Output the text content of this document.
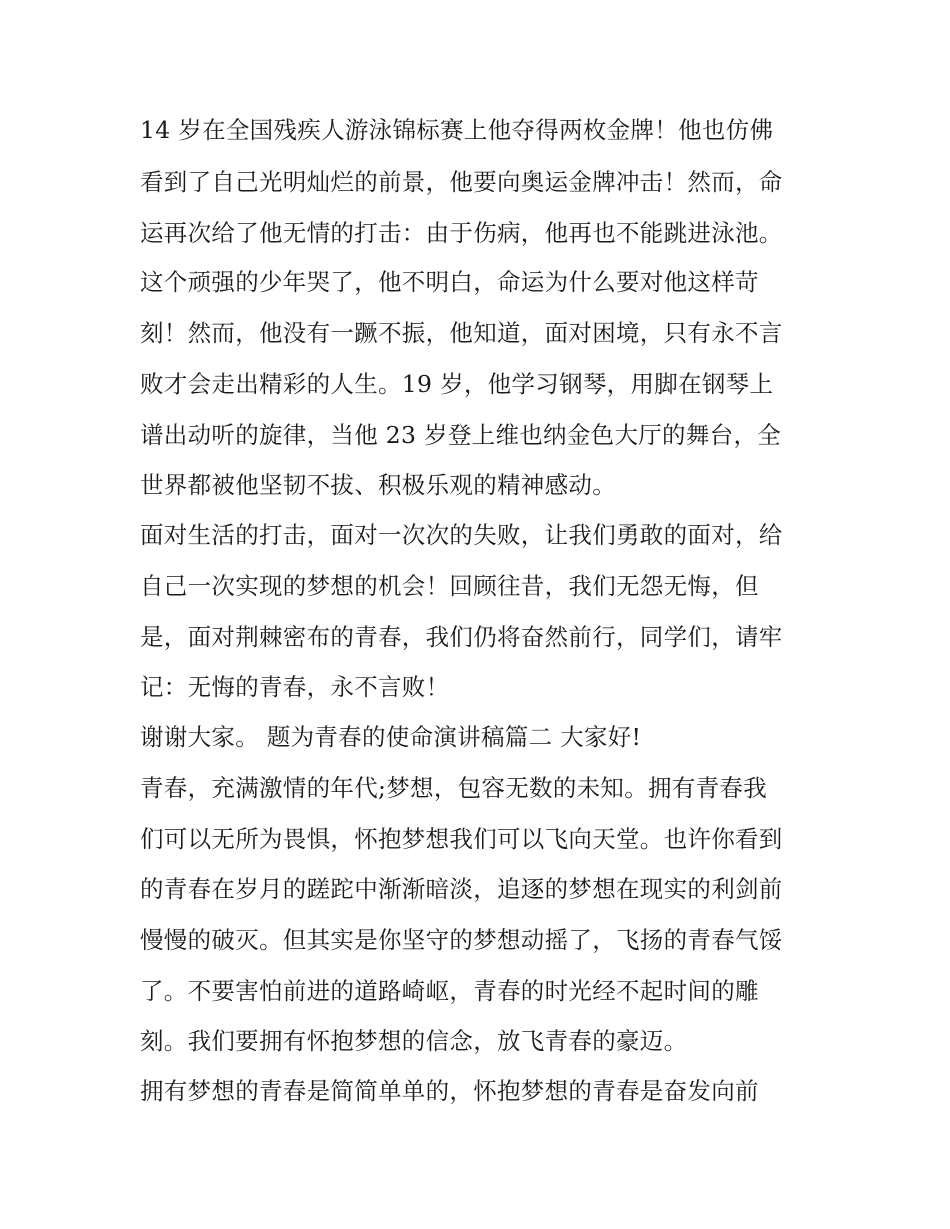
14 岁在全国残疾人游泳锦标赛上他夺得两枚金牌！他也仿佛
看到了自己光明灿烂的前景，他要向奥运金牌冲击！然而，命
运再次给了他无情的打击：由于伤病，他再也不能跳进泳池。
这个顽强的少年哭了，他不明白，命运为什么要对他这样苛
刻！然而，他没有一蹶不振，他知道，面对困境，只有永不言
败才会走出精彩的人生。19 岁，他学习钢琴，用脚在钢琴上
谱出动听的旋律，当他 23 岁登上维也纳金色大厅的舞台，全
世界都被他坚韧不拔、积极乐观的精神感动。
面对生活的打击，面对一次次的失败，让我们勇敢的面对，给
自己一次实现的梦想的机会！回顾往昔，我们无怨无悔，但
是，面对荆棘密布的青春，我们仍将奋然前行，同学们，请牢
记：无悔的青春，永不言败！
谢谢大家。 题为青春的使命演讲稿篇二 大家好!
青春，充满激情的年代;梦想，包容无数的未知。拥有青春我
们可以无所为畏惧，怀抱梦想我们可以飞向天堂。也许你看到
的青春在岁月的蹉跎中渐渐暗淡，追逐的梦想在现实的利剑前
慢慢的破灭。但其实是你坚守的梦想动摇了，飞扬的青春气馁
了。不要害怕前进的道路崎岖，青春的时光经不起时间的雕
刻。我们要拥有怀抱梦想的信念，放飞青春的豪迈。
拥有梦想的青春是简简单单的，怀抱梦想的青春是奋发向前
